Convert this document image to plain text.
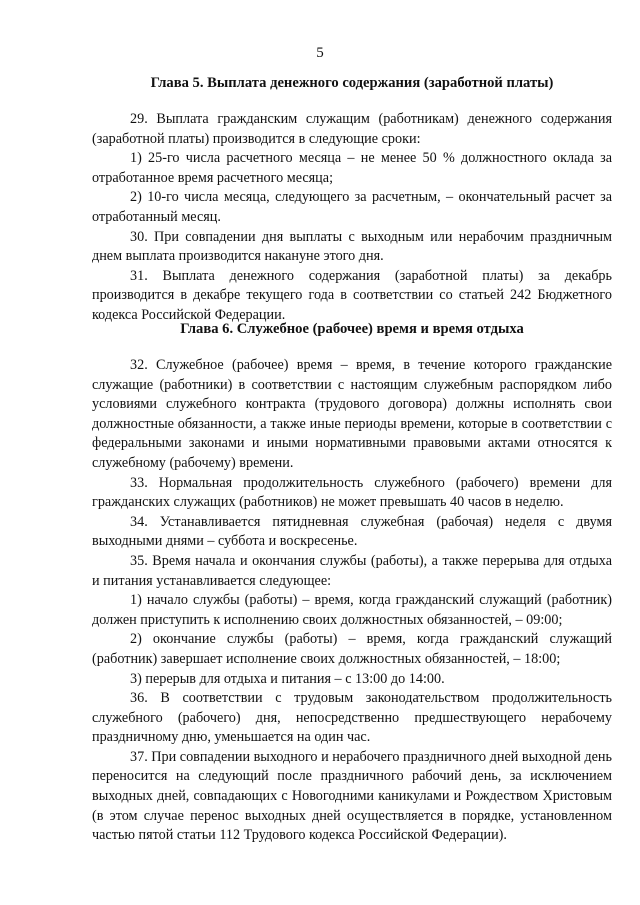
5
Глава 5. Выплата денежного содержания (заработной платы)

29. Выплата гражданским служащим (работникам) денежного содержания (заработной платы) производится в следующие сроки:

1) 25-го числа расчетного месяца – не менее 50 % должностного оклада за отработанное время расчетного месяца;

2) 10-го числа месяца, следующего за расчетным, – окончательный расчет за отработанный месяц.

30. При совпадении дня выплаты с выходным или нерабочим праздничным днем выплата производится накануне этого дня.

31. Выплата денежного содержания (заработной платы) за декабрь производится в декабре текущего года в соответствии со статьей 242 Бюджетного кодекса Российской Федерации.

Глава 6. Служебное (рабочее) время и время отдыха

32. Служебное (рабочее) время – время, в течение которого гражданские служащие (работники) в соответствии с настоящим служебным распорядком либо условиями служебного контракта (трудового договора) должны исполнять свои должностные обязанности, а также иные периоды времени, которые в соответствии с федеральными законами и иными нормативными правовыми актами относятся к служебному (рабочему) времени.

33. Нормальная продолжительность служебного (рабочего) времени для гражданских служащих (работников) не может превышать 40 часов в неделю.

34. Устанавливается пятидневная служебная (рабочая) неделя с двумя выходными днями – суббота и воскресенье.

35. Время начала и окончания службы (работы), а также перерыва для отдыха и питания устанавливается следующее:

1) начало службы (работы) – время, когда гражданский служащий (работник) должен приступить к исполнению своих должностных обязанностей, – 09:00;

2) окончание службы (работы) – время, когда гражданский служащий (работник) завершает исполнение своих должностных обязанностей, – 18:00;

3) перерыв для отдыха и питания – с 13:00 до 14:00.

36. В соответствии с трудовым законодательством продолжительность служебного (рабочего) дня, непосредственно предшествующего нерабочему праздничному дню, уменьшается на один час.

37. При совпадении выходного и нерабочего праздничного дней выходной день переносится на следующий после праздничного рабочий день, за исключением выходных дней, совпадающих с Новогодними каникулами и Рождеством Христовым (в этом случае перенос выходных дней осуществляется в порядке, установленном частью пятой статьи 112 Трудового кодекса Российской Федерации).
